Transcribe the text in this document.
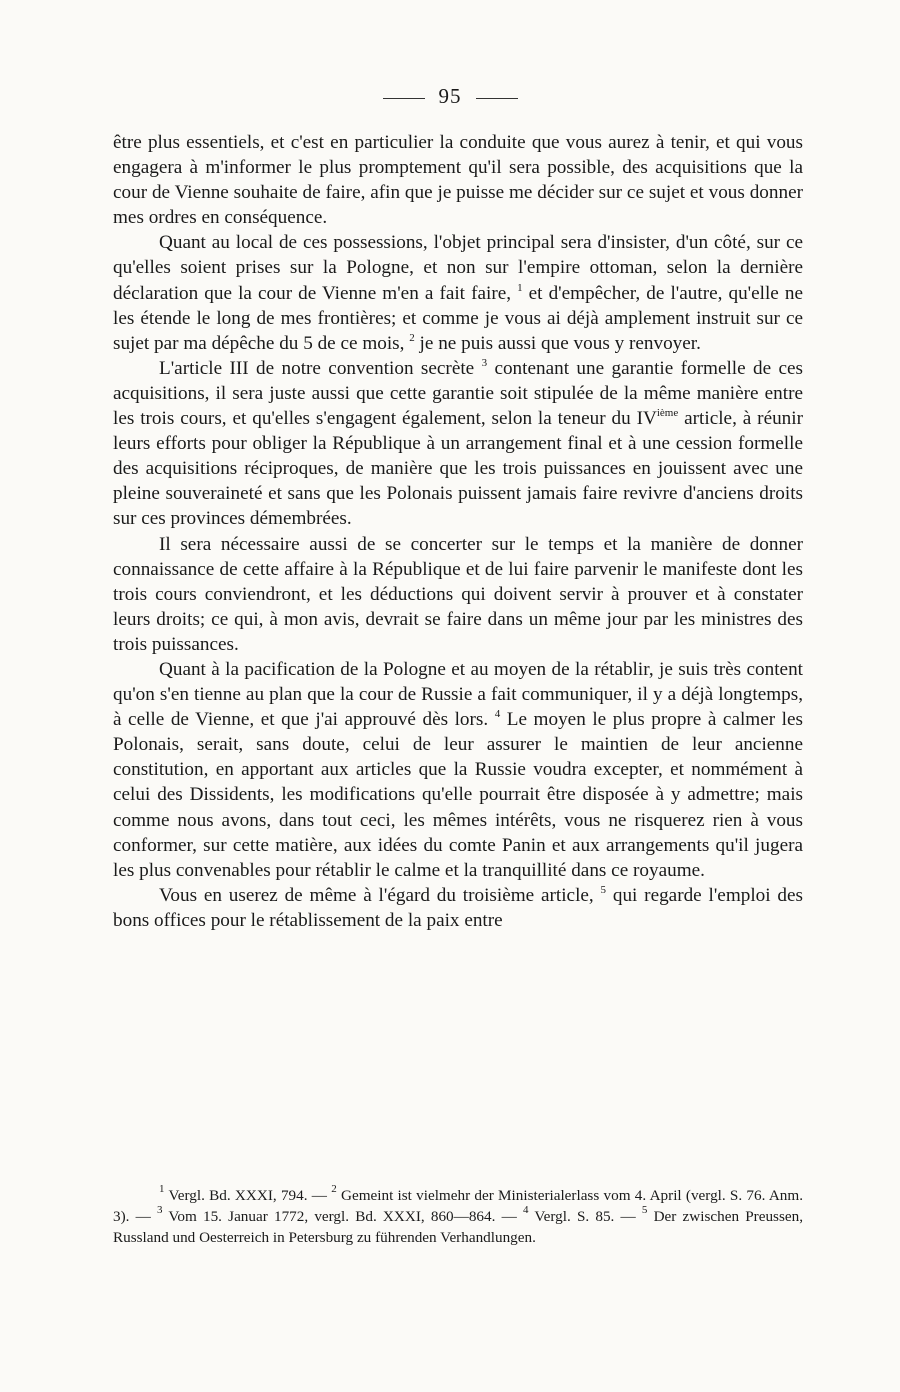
95

être plus essentiels, et c'est en particulier la conduite que vous aurez à tenir, et qui vous engagera à m'informer le plus promptement qu'il sera possible, des acquisitions que la cour de Vienne souhaite de faire, afin que je puisse me décider sur ce sujet et vous donner mes ordres en conséquence.

Quant au local de ces possessions, l'objet principal sera d'insister, d'un côté, sur ce qu'elles soient prises sur la Pologne, et non sur l'empire ottoman, selon la dernière déclaration que la cour de Vienne m'en a fait faire, $^1$ et d'empêcher, de l'autre, qu'elle ne les étende le long de mes frontières; et comme je vous ai déjà amplement instruit sur ce sujet par ma dépêche du 5 de ce mois, $^2$ je ne puis aussi que vous y renvoyer.

L'article III de notre convention secrète $^3$ contenant une garantie formelle de ces acquisitions, il sera juste aussi que cette garantie soit stipulée de la même manière entre les trois cours, et qu'elles s'engagent également, selon la teneur du IVième article, à réunir leurs efforts pour obliger la République à un arrangement final et à une cession formelle des acquisitions réciproques, de manière que les trois puissances en jouissent avec une pleine souveraineté et sans que les Polonais puissent jamais faire revivre d'anciens droits sur ces provinces démembrées.

Il sera nécessaire aussi de se concerter sur le temps et la manière de donner connaissance de cette affaire à la République et de lui faire parvenir le manifeste dont les trois cours conviendront, et les déductions qui doivent servir à prouver et à constater leurs droits; ce qui, à mon avis, devrait se faire dans un même jour par les ministres des trois puissances.

Quant à la pacification de la Pologne et au moyen de la rétablir, je suis très content qu'on s'en tienne au plan que la cour de Russie a fait communiquer, il y a déjà longtemps, à celle de Vienne, et que j'ai approuvé dès lors. $^4$ Le moyen le plus propre à calmer les Polonais, serait, sans doute, celui de leur assurer le maintien de leur ancienne constitution, en apportant aux articles que la Russie voudra excepter, et nommément à celui des Dissidents, les modifications qu'elle pourrait être disposée à y admettre; mais comme nous avons, dans tout ceci, les mêmes intérêts, vous ne risquerez rien à vous conformer, sur cette matière, aux idées du comte Panin et aux arrangements qu'il jugera les plus convenables pour rétablir le calme et la tranquillité dans ce royaume.

Vous en userez de même à l'égard du troisième article, $^5$ qui regarde l'emploi des bons offices pour le rétablissement de la paix entre

$^1$ Vergl. Bd. XXXI, 794. — $^2$ Gemeint ist vielmehr der Ministerialerlass vom 4. April (vergl. S. 76. Anm. 3). — $^3$ Vom 15. Januar 1772, vergl. Bd. XXXI, 860—864. — $^4$ Vergl. S. 85. — $^5$ Der zwischen Preussen, Russland und Oesterreich in Petersburg zu führenden Verhandlungen.
